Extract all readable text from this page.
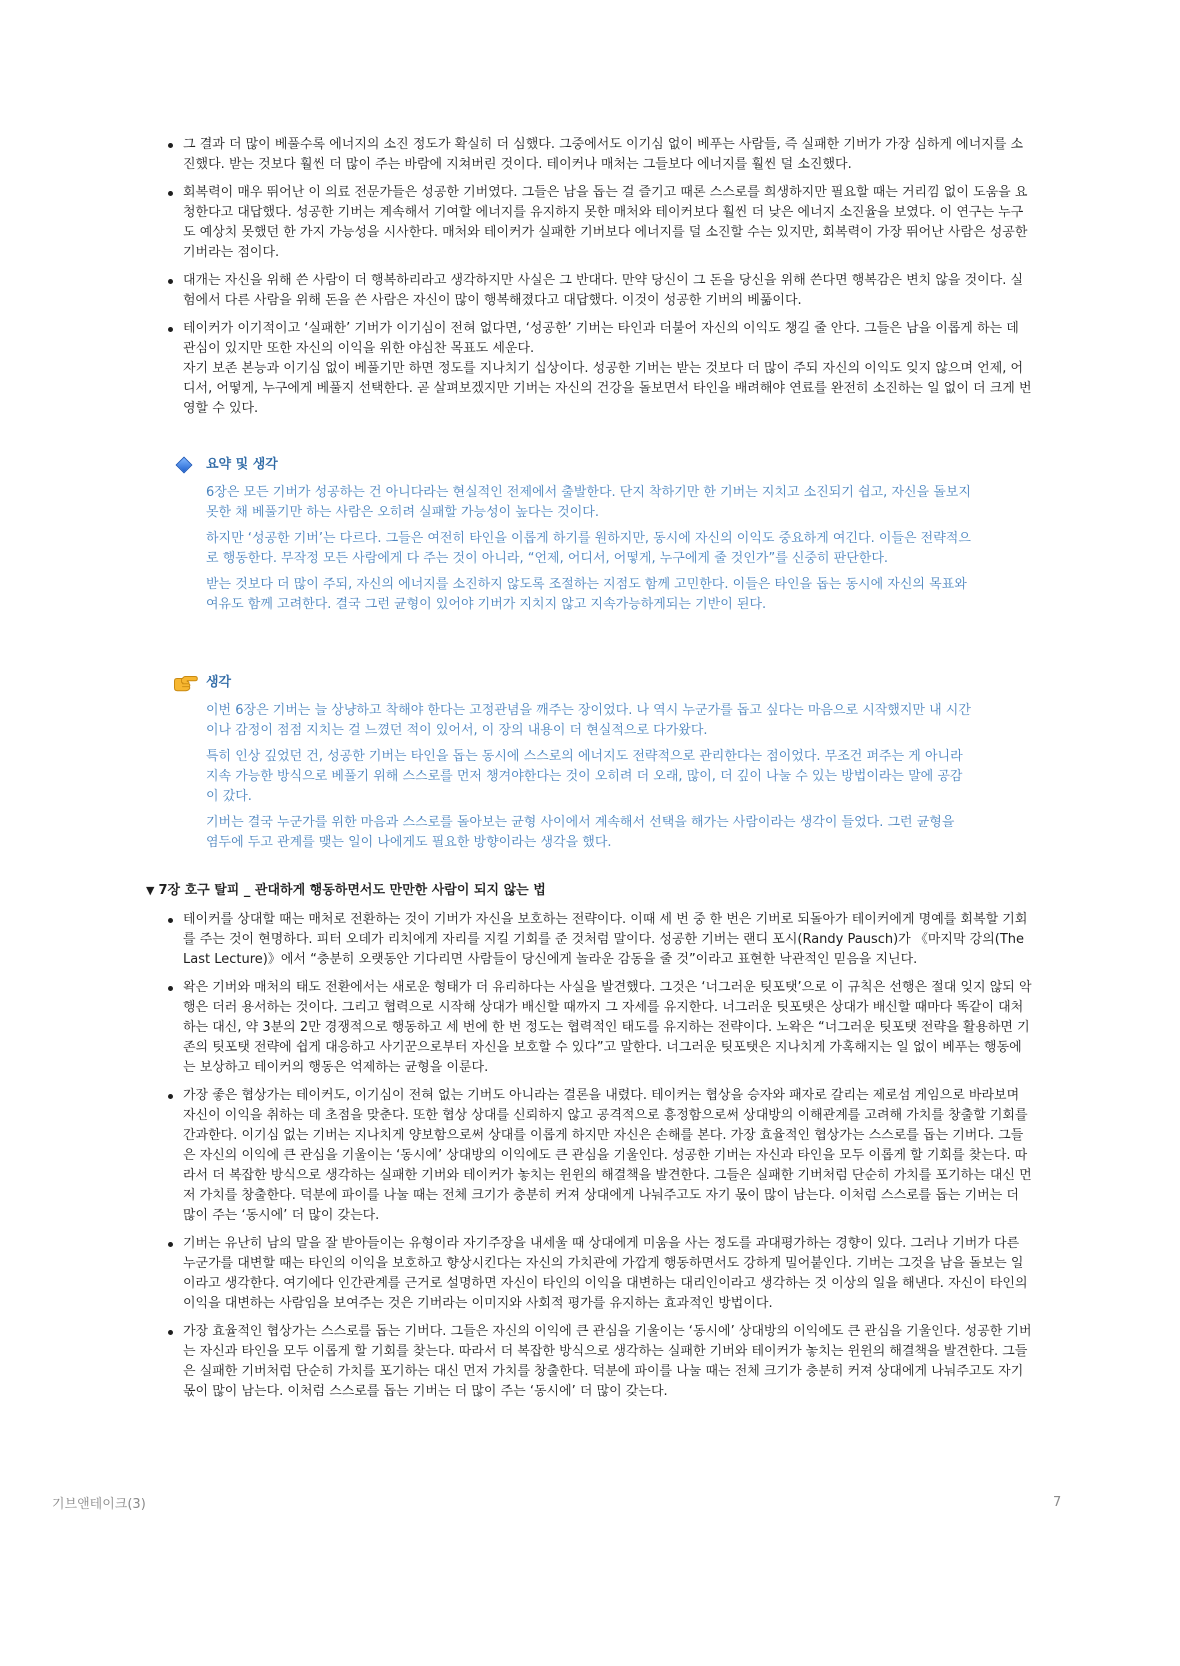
그 결과 더 많이 베풀수록 에너지의 소진 정도가 확실히 더 심했다. 그중에서도 이기심 없이 베푸는 사람들, 즉 실패한 기버가 가장 심하게 에너지를 소진했다. 받는 것보다 훨씬 더 많이 주는 바람에 지쳐버린 것이다. 테이커나 매처는 그들보다 에너지를 훨씬 덜 소진했다.
회복력이 매우 뛰어난 이 의료 전문가들은 성공한 기버였다. 그들은 남을 돕는 걸 즐기고 때론 스스로를 희생하지만 필요할 때는 거리낌 없이 도움을 요청한다고 대답했다. 성공한 기버는 계속해서 기여할 에너지를 유지하지 못한 매처와 테이커보다 훨씬 더 낮은 에너지 소진율을 보였다. 이 연구는 누구도 예상치 못했던 한 가지 가능성을 시사한다. 매처와 테이커가 실패한 기버보다 에너지를 덜 소진할 수는 있지만, 회복력이 가장 뛰어난 사람은 성공한 기버라는 점이다.
대개는 자신을 위해 쓴 사람이 더 행복하리라고 생각하지만 사실은 그 반대다. 만약 당신이 그 돈을 당신을 위해 쓴다면 행복감은 변치 않을 것이다. 실험에서 다른 사람을 위해 돈을 쓴 사람은 자신이 많이 행복해졌다고 대답했다. 이것이 성공한 기버의 베풂이다.
테이커가 이기적이고 ‘실패한’ 기버가 이기심이 전혀 없다면, ‘성공한’ 기버는 타인과 더불어 자신의 이익도 챙길 줄 안다. 그들은 남을 이롭게 하는 데 관심이 있지만 또한 자신의 이익을 위한 야심찬 목표도 세운다.
자기 보존 본능과 이기심 없이 베풀기만 하면 정도를 지나치기 십상이다. 성공한 기버는 받는 것보다 더 많이 주되 자신의 이익도 잊지 않으며 언제, 어디서, 어떻게, 누구에게 베풀지 선택한다. 곧 살펴보겠지만 기버는 자신의 건강을 돌보면서 타인을 배려해야 연료를 완전히 소진하는 일 없이 더 크게 번영할 수 있다.
요약 및 생각

6장은 모든 기버가 성공하는 건 아니다라는 현실적인 전제에서 출발한다. 단지 착하기만 한 기버는 지치고 소진되기 쉽고, 자신을 돌보지 못한 채 베풀기만 하는 사람은 오히려 실패할 가능성이 높다는 것이다.

하지만 ‘성공한 기버’는 다르다. 그들은 여전히 타인을 이롭게 하기를 원하지만, 동시에 자신의 이익도 중요하게 여긴다. 이들은 전략적으로 행동한다. 무작정 모든 사람에게 다 주는 것이 아니라, “언제, 어디서, 어떻게, 누구에게 줄 것인가”를 신중히 판단한다.

받는 것보다 더 많이 주되, 자신의 에너지를 소진하지 않도록 조절하는 지점도 함께 고민한다. 이들은 타인을 돕는 동시에 자신의 목표와 여유도 함께 고려한다. 결국 그런 균형이 있어야 기버가 지치지 않고 지속가능하게되는 기반이 된다.

생각

이번 6장은 기버는 늘 상냥하고 착해야 한다는 고정관념을 깨주는 장이었다. 나 역시 누군가를 돕고 싶다는 마음으로 시작했지만 내 시간이나 감정이 점점 지치는 걸 느꼈던 적이 있어서, 이 장의 내용이 더 현실적으로 다가왔다.

특히 인상 깊었던 건, 성공한 기버는 타인을 돕는 동시에 스스로의 에너지도 전략적으로 관리한다는 점이었다. 무조건 퍼주는 게 아니라 지속 가능한 방식으로 베풀기 위해 스스로를 먼저 챙겨야한다는 것이 오히려 더 오래, 많이, 더 깊이 나눌 수 있는 방법이라는 말에 공감이 갔다.

기버는 결국 누군가를 위한 마음과 스스로를 돌아보는 균형 사이에서 계속해서 선택을 해가는 사람이라는 생각이 들었다. 그런 균형을 염두에 두고 관계를 맺는 일이 나에게도 필요한 방향이라는 생각을 했다.

▼ 7장 호구 탈피 _ 관대하게 행동하면서도 만만한 사람이 되지 않는 법
테이커를 상대할 때는 매처로 전환하는 것이 기버가 자신을 보호하는 전략이다. 이때 세 번 중 한 번은 기버로 되돌아가 테이커에게 명예를 회복할 기회를 주는 것이 현명하다. 피터 오데가 리치에게 자리를 지킬 기회를 준 것처럼 말이다. 성공한 기버는 랜디 포시(Randy Pausch)가 《마지막 강의(The Last Lecture)》에서 “충분히 오랫동안 기다리면 사람들이 당신에게 놀라운 감동을 줄 것”이라고 표현한 낙관적인 믿음을 지닌다.
왁은 기버와 매처의 태도 전환에서는 새로운 형태가 더 유리하다는 사실을 발견했다. 그것은 ‘너그러운 팃포탯’으로 이 규칙은 선행은 절대 잊지 않되 악행은 더러 용서하는 것이다. 그리고 협력으로 시작해 상대가 배신할 때까지 그 자세를 유지한다. 너그러운 팃포탯은 상대가 배신할 때마다 똑같이 대처하는 대신, 약 3분의 2만 경쟁적으로 행동하고 세 번에 한 번 정도는 협력적인 태도를 유지하는 전략이다. 노왁은 “너그러운 팃포탯 전략을 활용하면 기존의 팃포탯 전략에 쉽게 대응하고 사기꾼으로부터 자신을 보호할 수 있다”고 말한다. 너그러운 팃포탯은 지나치게 가혹해지는 일 없이 베푸는 행동에는 보상하고 테이커의 행동은 억제하는 균형을 이룬다.
가장 좋은 협상가는 테이커도, 이기심이 전혀 없는 기버도 아니라는 결론을 내렸다. 테이커는 협상을 승자와 패자로 갈리는 제로섬 게임으로 바라보며 자신이 이익을 취하는 데 초점을 맞춘다. 또한 협상 상대를 신뢰하지 않고 공격적으로 흥정함으로써 상대방의 이해관계를 고려해 가치를 창출할 기회를 간과한다. 이기심 없는 기버는 지나치게 양보함으로써 상대를 이롭게 하지만 자신은 손해를 본다. 가장 효율적인 협상가는 스스로를 돕는 기버다. 그들은 자신의 이익에 큰 관심을 기울이는 ‘동시에’ 상대방의 이익에도 큰 관심을 기울인다. 성공한 기버는 자신과 타인을 모두 이롭게 할 기회를 찾는다. 따라서 더 복잡한 방식으로 생각하는 실패한 기버와 테이커가 놓치는 윈윈의 해결책을 발견한다. 그들은 실패한 기버처럼 단순히 가치를 포기하는 대신 먼저 가치를 창출한다. 덕분에 파이를 나눌 때는 전체 크기가 충분히 커져 상대에게 나눠주고도 자기 몫이 많이 남는다. 이처럼 스스로를 돕는 기버는 더 많이 주는 ‘동시에’ 더 많이 갖는다.
기버는 유난히 남의 말을 잘 받아들이는 유형이라 자기주장을 내세울 때 상대에게 미움을 사는 정도를 과대평가하는 경향이 있다. 그러나 기버가 다른 누군가를 대변할 때는 타인의 이익을 보호하고 향상시킨다는 자신의 가치관에 가깝게 행동하면서도 강하게 밀어붙인다. 기버는 그것을 남을 돌보는 일이라고 생각한다. 여기에다 인간관계를 근거로 설명하면 자신이 타인의 이익을 대변하는 대리인이라고 생각하는 것 이상의 일을 해낸다. 자신이 타인의 이익을 대변하는 사람임을 보여주는 것은 기버라는 이미지와 사회적 평가를 유지하는 효과적인 방법이다.
가장 효율적인 협상가는 스스로를 돕는 기버다. 그들은 자신의 이익에 큰 관심을 기울이는 ‘동시에’ 상대방의 이익에도 큰 관심을 기울인다. 성공한 기버는 자신과 타인을 모두 이롭게 할 기회를 찾는다. 따라서 더 복잡한 방식으로 생각하는 실패한 기버와 테이커가 놓치는 윈윈의 해결책을 발견한다. 그들은 실패한 기버처럼 단순히 가치를 포기하는 대신 먼저 가치를 창출한다. 덕분에 파이를 나눌 때는 전체 크기가 충분히 커져 상대에게 나눠주고도 자기 몫이 많이 남는다. 이처럼 스스로를 돕는 기버는 더 많이 주는 ‘동시에’ 더 많이 갖는다.
기브앤테이크(3)	7
